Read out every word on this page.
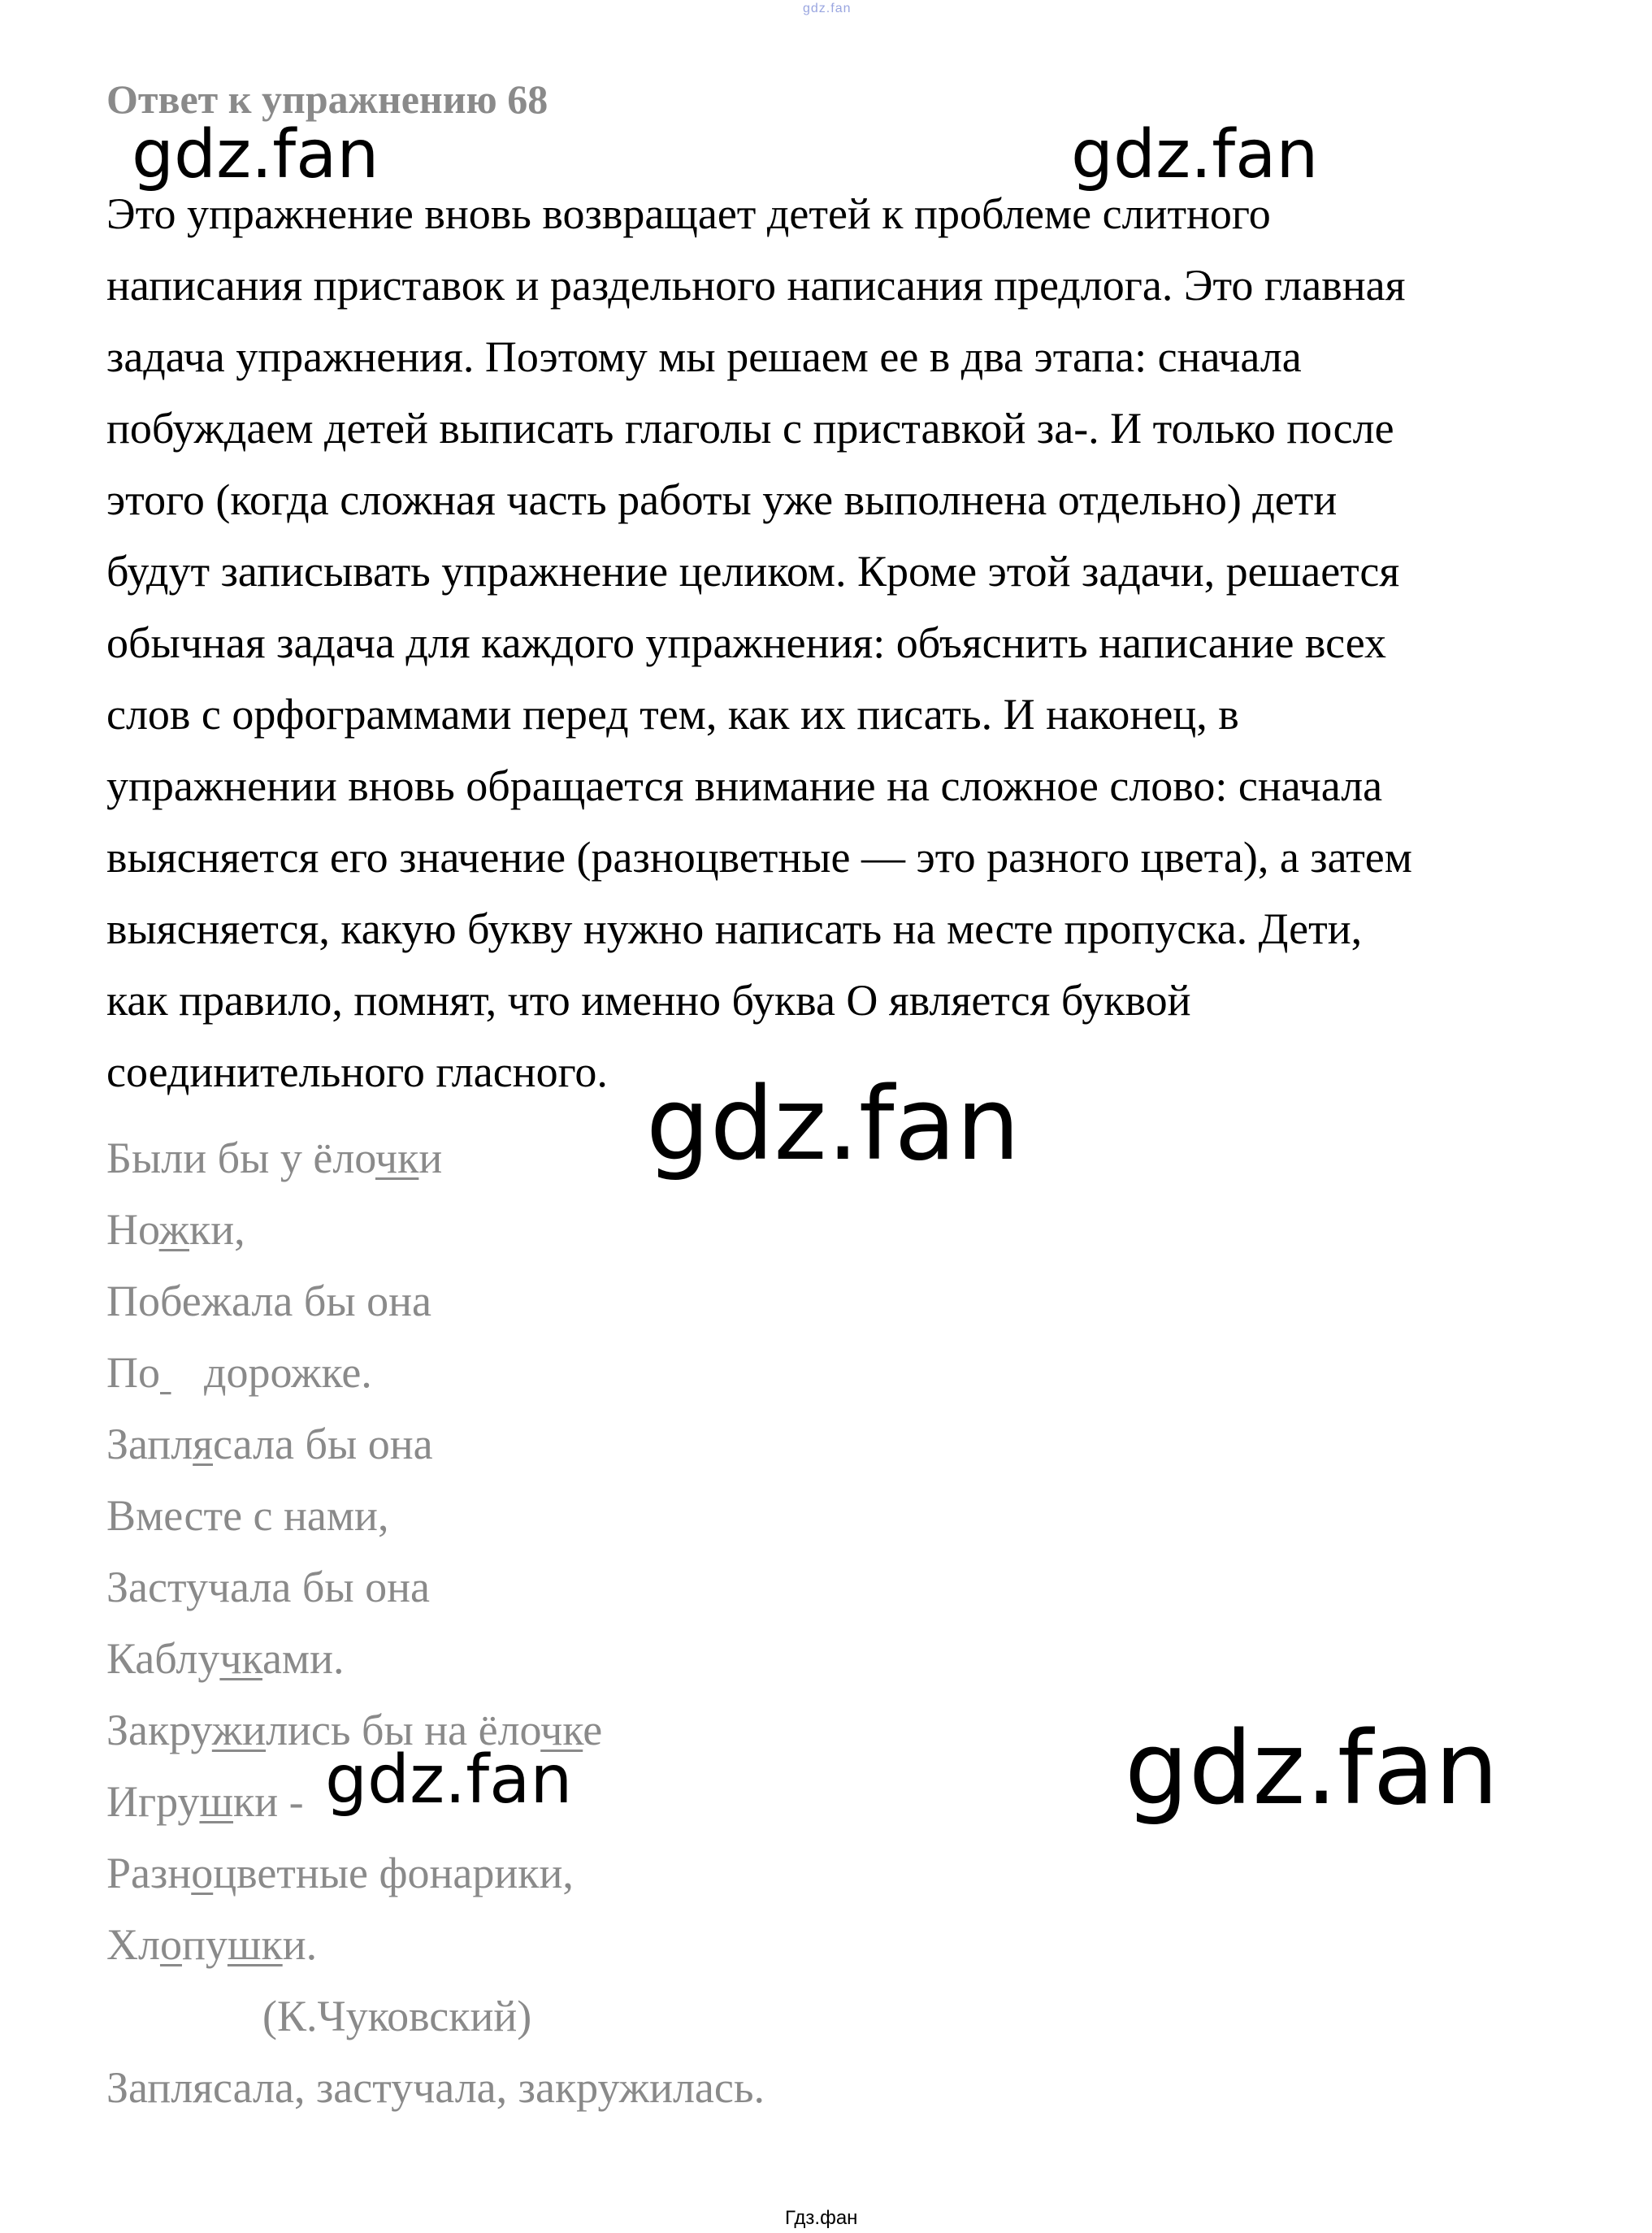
gdz.fan
Ответ к упражнению 68

Это упражнение вновь возвращает детей к проблеме слитного
написания приставок и раздельного написания предлога. Это главная
задача упражнения. Поэтому мы решаем ее в два этапа: сначала
побуждаем детей выписать глаголы с приставкой за-. И только после
этого (когда сложная часть работы уже выполнена отдельно) дети
будут записывать упражнение целиком. Кроме этой задачи, решается
обычная задача для каждого упражнения: объяснить написание всех
слов с орфограммами перед тем, как их писать. И наконец, в
упражнении вновь обращается внимание на сложное слово: сначала
выясняется его значение (разноцветные — это разного цвета), а затем
выясняется, какую букву нужно написать на месте пропуска. Дети,
как правило, помнят, что именно буква О является буквой
соединительного гласного.

Были бы у ёлочки
Ножки,
Побежала бы она
По    дорожке.
Заплясала бы она
Вместе с нами,
Застучала бы она
Каблучками.
Закружились бы на ёлочке
Игрушки -
Разноцветные фонарики,
Хлопушки.
(К.Чуковский)
Заплясала, застучала, закружилась.
gdz.fan	gdz.fan
gdz.fan
gdz.fan	gdz.fan
Гдз.фан
